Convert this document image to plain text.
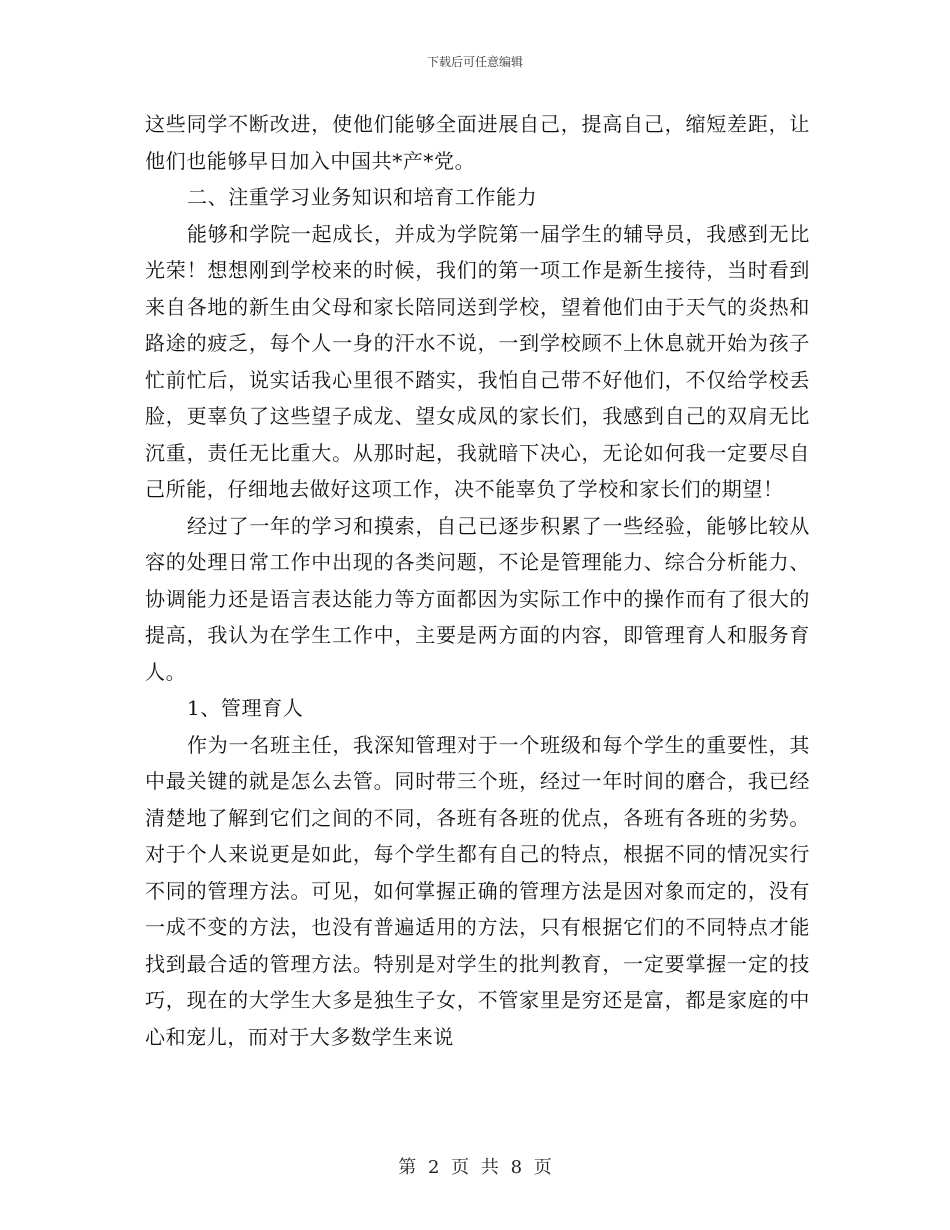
下载后可任意编辑

这些同学不断改进，使他们能够全面进展自己，提高自己，缩短差距，让他们也能够早日加入中国共*产*党。

二、注重学习业务知识和培育工作能力

能够和学院一起成长，并成为学院第一届学生的辅导员，我感到无比光荣！想想刚到学校来的时候，我们的第一项工作是新生接待，当时看到来自各地的新生由父母和家长陪同送到学校，望着他们由于天气的炎热和路途的疲乏，每个人一身的汗水不说，一到学校顾不上休息就开始为孩子忙前忙后，说实话我心里很不踏实，我怕自己带不好他们，不仅给学校丢脸，更辜负了这些望子成龙、望女成凤的家长们，我感到自己的双肩无比沉重，责任无比重大。从那时起，我就暗下决心，无论如何我一定要尽自己所能，仔细地去做好这项工作，决不能辜负了学校和家长们的期望！

经过了一年的学习和摸索，自己已逐步积累了一些经验，能够比较从容的处理日常工作中出现的各类问题，不论是管理能力、综合分析能力、协调能力还是语言表达能力等方面都因为实际工作中的操作而有了很大的提高，我认为在学生工作中，主要是两方面的内容，即管理育人和服务育人。

1、管理育人

作为一名班主任，我深知管理对于一个班级和每个学生的重要性，其中最关键的就是怎么去管。同时带三个班，经过一年时间的磨合，我已经清楚地了解到它们之间的不同，各班有各班的优点，各班有各班的劣势。对于个人来说更是如此，每个学生都有自己的特点，根据不同的情况实行不同的管理方法。可见，如何掌握正确的管理方法是因对象而定的，没有一成不变的方法，也没有普遍适用的方法，只有根据它们的不同特点才能找到最合适的管理方法。特别是对学生的批判教育，一定要掌握一定的技巧，现在的大学生大多是独生子女，不管家里是穷还是富，都是家庭的中心和宠儿，而对于大多数学生来说

第 2 页 共 8 页
